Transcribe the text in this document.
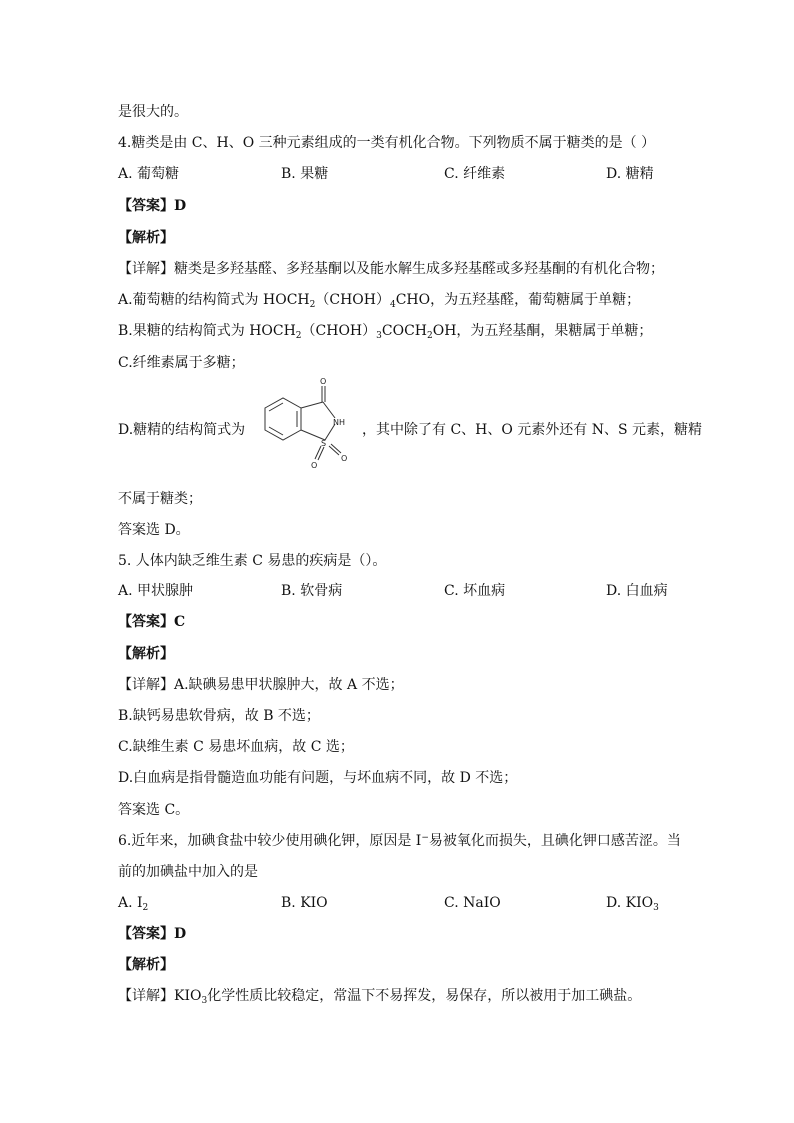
是很大的。
4.糖类是由 C、H、O 三种元素组成的一类有机化合物。下列物质不属于糖类的是（ ）
A. 葡萄糖	B. 果糖	C. 纤维素	D. 糖精
【答案】D
【解析】
【详解】糖类是多羟基醛、多羟基酮以及能水解生成多羟基醛或多羟基酮的有机化合物；
A.葡萄糖的结构简式为 $HOCH_2(CHOH)_4CHO$，为五羟基醛，葡萄糖属于单糖；
B.果糖的结构简式为 $HOCH_2(CHOH)_3COCH_2OH$，为五羟基酮，果糖属于单糖；
C.纤维素属于多糖；
D.糖精的结构简式为
O
NH
S
O
O
，其中除了有 C、H、O 元素外还有 N、S 元素，糖精
不属于糖类；
答案选 D。
5. 人体内缺乏维生素 C 易患的疾病是（）。
A. 甲状腺肿	B. 软骨病	C. 坏血病	D. 白血病
【答案】C
【解析】
【详解】A.缺碘易患甲状腺肿大，故 A 不选；
B.缺钙易患软骨病，故 B 不选；
C.缺维生素 C 易患坏血病，故 C 选；
D.白血病是指骨髓造血功能有问题，与坏血病不同，故 D 不选；
答案选 C。
6.近年来，加碘食盐中较少使用碘化钾，原因是 I−易被氧化而损失，且碘化钾口感苦涩。当
前的加碘盐中加入的是
A. $I_2$	B. KIO	C. NaIO	D. $KIO_3$
【答案】D
【解析】
【详解】$KIO_3$化学性质比较稳定，常温下不易挥发，易保存，所以被用于加工碘盐。
